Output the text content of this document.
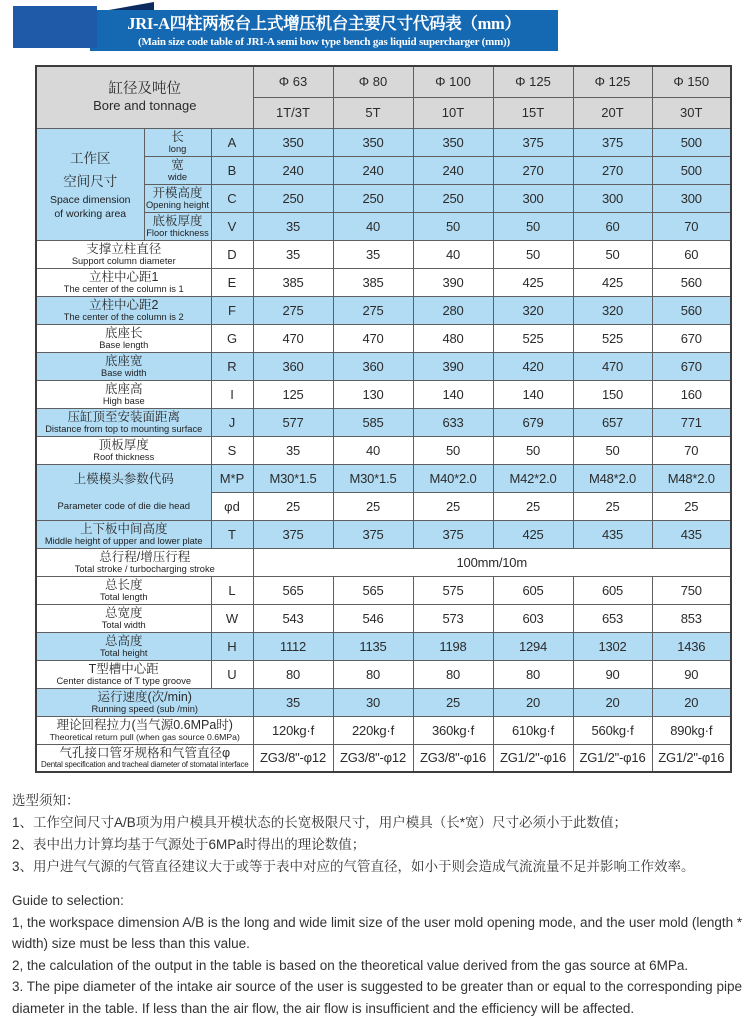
JRI-A四柱两板台上式增压机台主要尺寸代码表（mm）
(Main size code table of JRI-A semi bow type bench gas liquid supercharger (mm))
缸径及吨位
Bore and tonnage			Φ 63	Φ 80	Φ 100	Φ 125	Φ 125	Φ 150
			1T/3T	5T	10T	15T	20T	30T

工作区
空间尺寸
Space dimension
of working area

长
long	A	350	350	350	375	375	500

	宽
wide	B	240	240	240	270	270	500

	开模高度
Opening height	C	250	250	250	300	300	300

	底板厚度
Floor thickness	V	35	40	50	50	60	70

支撑立柱直径
Support column diameter		D	35	35	40	50	50	60

立柱中心距1
The center of the column is 1		E	385	385	390	425	425	560

立柱中心距2
The center of the column is 2		F	275	275	280	320	320	560

底座长
Base length		G	470	470	480	525	525	670

底座宽
Base width		R	360	360	390	420	470	670

底座高
High base		I	125	130	140	140	150	160

压缸顶至安装面距离
Distance from top to mounting surface		J	577	585	633	679	657	771

顶板厚度
Roof thickness		S	35	40	50	50	50	70

上模模头参数代码
Parameter code of die die head		M*P	M30*1.5	M30*1.5	M40*2.0	M42*2.0	M48*2.0	M48*2.0
		φd	25	25	25	25	25	25

上下板中间高度
Middle height of upper and lower plate		T	375	375	375	425	435	435

总行程/增压行程
Total stroke / turbocharging stroke			100mm/10m					

总长度
Total length		L	565	565	575	605	605	750

总宽度
Total width		W	543	546	573	603	653	853

总高度
Total height		H	1112	1135	1198	1294	1302	1436

T型槽中心距
Center distance of T type groove		U	80	80	80	80	90	90

运行速度(次/min)
Running speed (sub /min)			35	30	25	20	20	20

理论回程拉力(当气源0.6MPa时)
Theoretical return pull (when gas source 0.6MPa)			120kg·f	220kg·f	360kg·f	610kg·f	560kg·f	890kg·f

气孔接口管牙规格和气管直径φ
Dental specification and tracheal diameter of stomatal interface			ZG3/8"-φ12	ZG3/8"-φ12	ZG3/8"-φ16	ZG1/2"-φ16	ZG1/2"-φ16	ZG1/2"-φ16
选型须知：
1、工作空间尺寸A/B项为用户模具开模状态的长宽极限尺寸，用户模具（长*宽）尺寸必须小于此数值；
2、表中出力计算均基于气源处于6MPa时得出的理论数值；
3、用户进气气源的气管直径建议大于或等于表中对应的气管直径，如小于则会造成气流流量不足并影响工作效率。
Guide to selection:
1, the workspace dimension A/B is the long and wide limit size of the user mold opening mode, and the user mold (length * width) size must be less than this value.
2, the calculation of the output in the table is based on the theoretical value derived from the gas source at 6MPa.
3. The pipe diameter of the intake air source of the user is suggested to be greater than or equal to the corresponding pipe diameter in the table. If less than the air flow, the air flow is insufficient and the efficiency will be affected.
